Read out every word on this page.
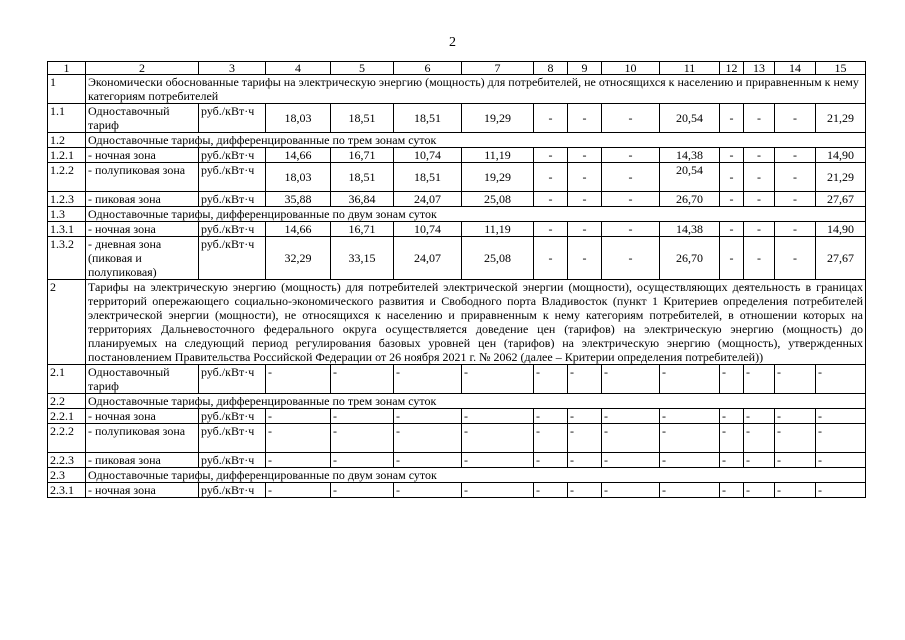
2
1	2	3	4	5	6	7	8	9	10	11	12	13	14	15
1	Экономически обоснованные тарифы на электрическую энергию (мощность) для потребителей, не относящихся к населению и приравненным к нему категориям потребителей													
1.1	Одноставочный тариф	руб./кВт·ч	18,03	18,51	18,51	19,29	-	-	-	20,54	-	-	-	21,29
1.2	Одноставочные тарифы, дифференцированные по трем зонам суток													
1.2.1	- ночная зона	руб./кВт·ч	14,66	16,71	10,74	11,19	-	-	-	14,38	-	-	-	14,90
1.2.2	- полупиковая зона	руб./кВт·ч	18,03	18,51	18,51	19,29	-	-	-	20,54	-	-	-	21,29
1.2.3	- пиковая зона	руб./кВт·ч	35,88	36,84	24,07	25,08	-	-	-	26,70	-	-	-	27,67
1.3	Одноставочные тарифы, дифференцированные по двум зонам суток													
1.3.1	- ночная зона	руб./кВт·ч	14,66	16,71	10,74	11,19	-	-	-	14,38	-	-	-	14,90
1.3.2	- дневная зона (пиковая и полупиковая)	руб./кВт·ч	32,29	33,15	24,07	25,08	-	-	-	26,70	-	-	-	27,67
2	Тарифы на электрическую энергию (мощность) для потребителей электрической энергии (мощности), осуществляющих деятельность в границах территорий опережающего социально-экономического развития и Свободного порта Владивосток (пункт 1 Критериев определения потребителей электрической энергии (мощности), не относящихся к населению и приравненным к нему категориям потребителей, в отношении которых на территориях Дальневосточного федерального округа осуществляется доведение цен (тарифов) на электрическую энергию (мощность) до планируемых на следующий период регулирования базовых уровней цен (тарифов) на электрическую энергию (мощность), утвержденных постановлением Правительства Российской Федерации от 26 ноября 2021 г. № 2062 (далее – Критерии определения потребителей))													
2.1	Одноставочный тариф	руб./кВт·ч	-	-	-	-	-	-	-	-	-	-	-	-
2.2	Одноставочные тарифы, дифференцированные по трем зонам суток													
2.2.1	- ночная зона	руб./кВт·ч	-	-	-	-	-	-	-	-	-	-	-	-
2.2.2	- полупиковая зона	руб./кВт·ч	-	-	-	-	-	-	-	-	-	-	-	-
2.2.3	- пиковая зона	руб./кВт·ч	-	-	-	-	-	-	-	-	-	-	-	-
2.3	Одноставочные тарифы, дифференцированные по двум зонам суток													
2.3.1	- ночная зона	руб./кВт·ч	-	-	-	-	-	-	-	-	-	-	-	-
